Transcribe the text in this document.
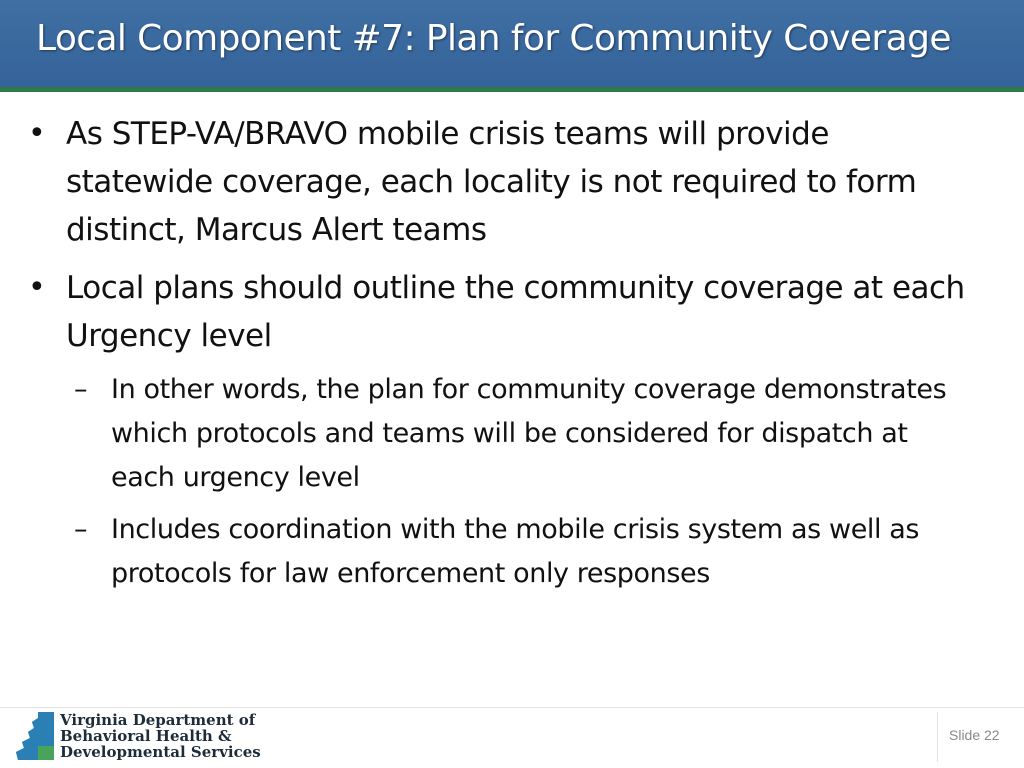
Local Component #7: Plan for Community Coverage
• As STEP-VA/BRAVO mobile crisis teams will provide statewide coverage, each locality is not required to form distinct, Marcus Alert teams
• Local plans should outline the community coverage at each Urgency level
– In other words, the plan for community coverage demonstrates which protocols and teams will be considered for dispatch at each urgency level
– Includes coordination with the mobile crisis system as well as protocols for law enforcement only responses
Virginia Department of
Behavioral Health &
Developmental Services
Slide 22
